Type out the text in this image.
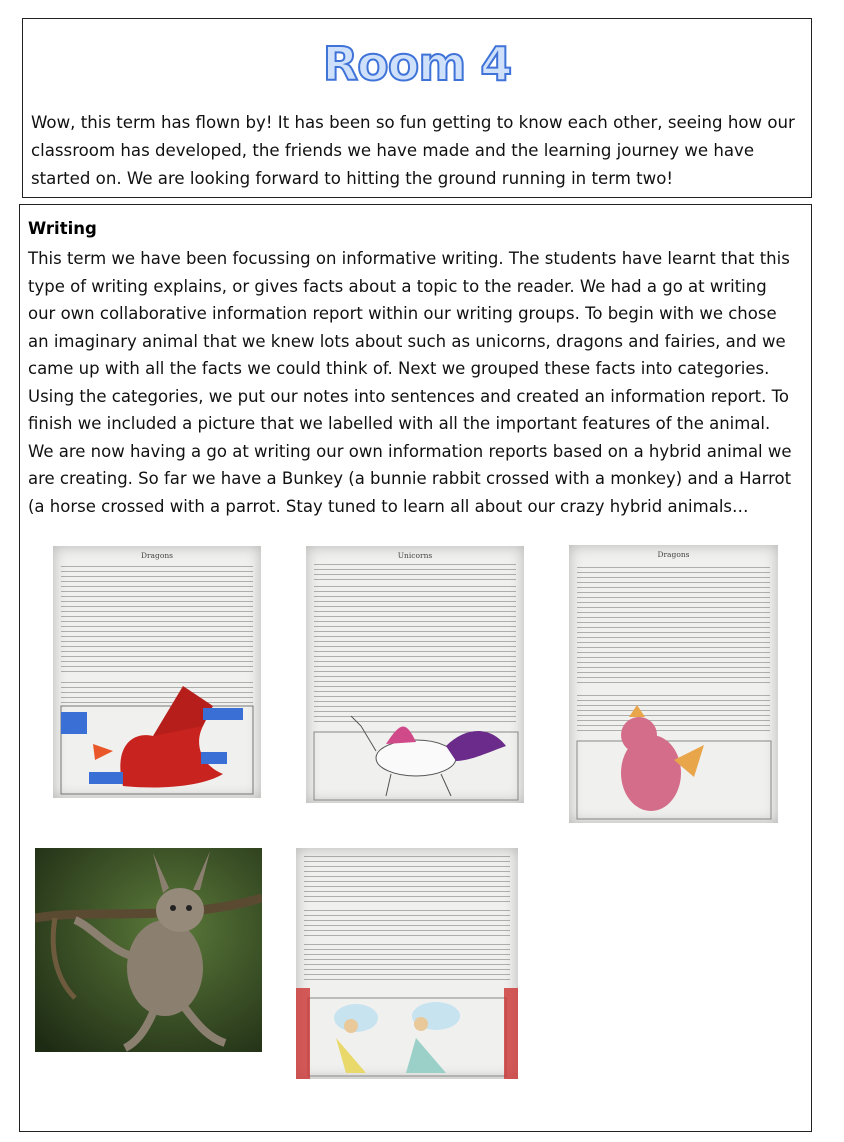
Room 4

Wow, this term has flown by! It has been so fun getting to know each other, seeing how our classroom has developed, the friends we have made and the learning journey we have started on. We are looking forward to hitting the ground running in term two!

Writing

This term we have been focussing on informative writing. The students have learnt that this type of writing explains, or gives facts about a topic to the reader. We had a go at writing our own collaborative information report within our writing groups. To begin with we chose an imaginary animal that we knew lots about such as unicorns, dragons and fairies, and we came up with all the facts we could think of. Next we grouped these facts into categories. Using the categories, we put our notes into sentences and created an information report. To finish we included a picture that we labelled with all the important features of the animal. We are now having a go at writing our own information reports based on a hybrid animal we are creating. So far we have a Bunkey (a bunnie rabbit crossed with a monkey) and a Harrot (a horse crossed with a parrot. Stay tuned to learn all about our crazy hybrid animals…

Dragons	Unicorns	Dragons
